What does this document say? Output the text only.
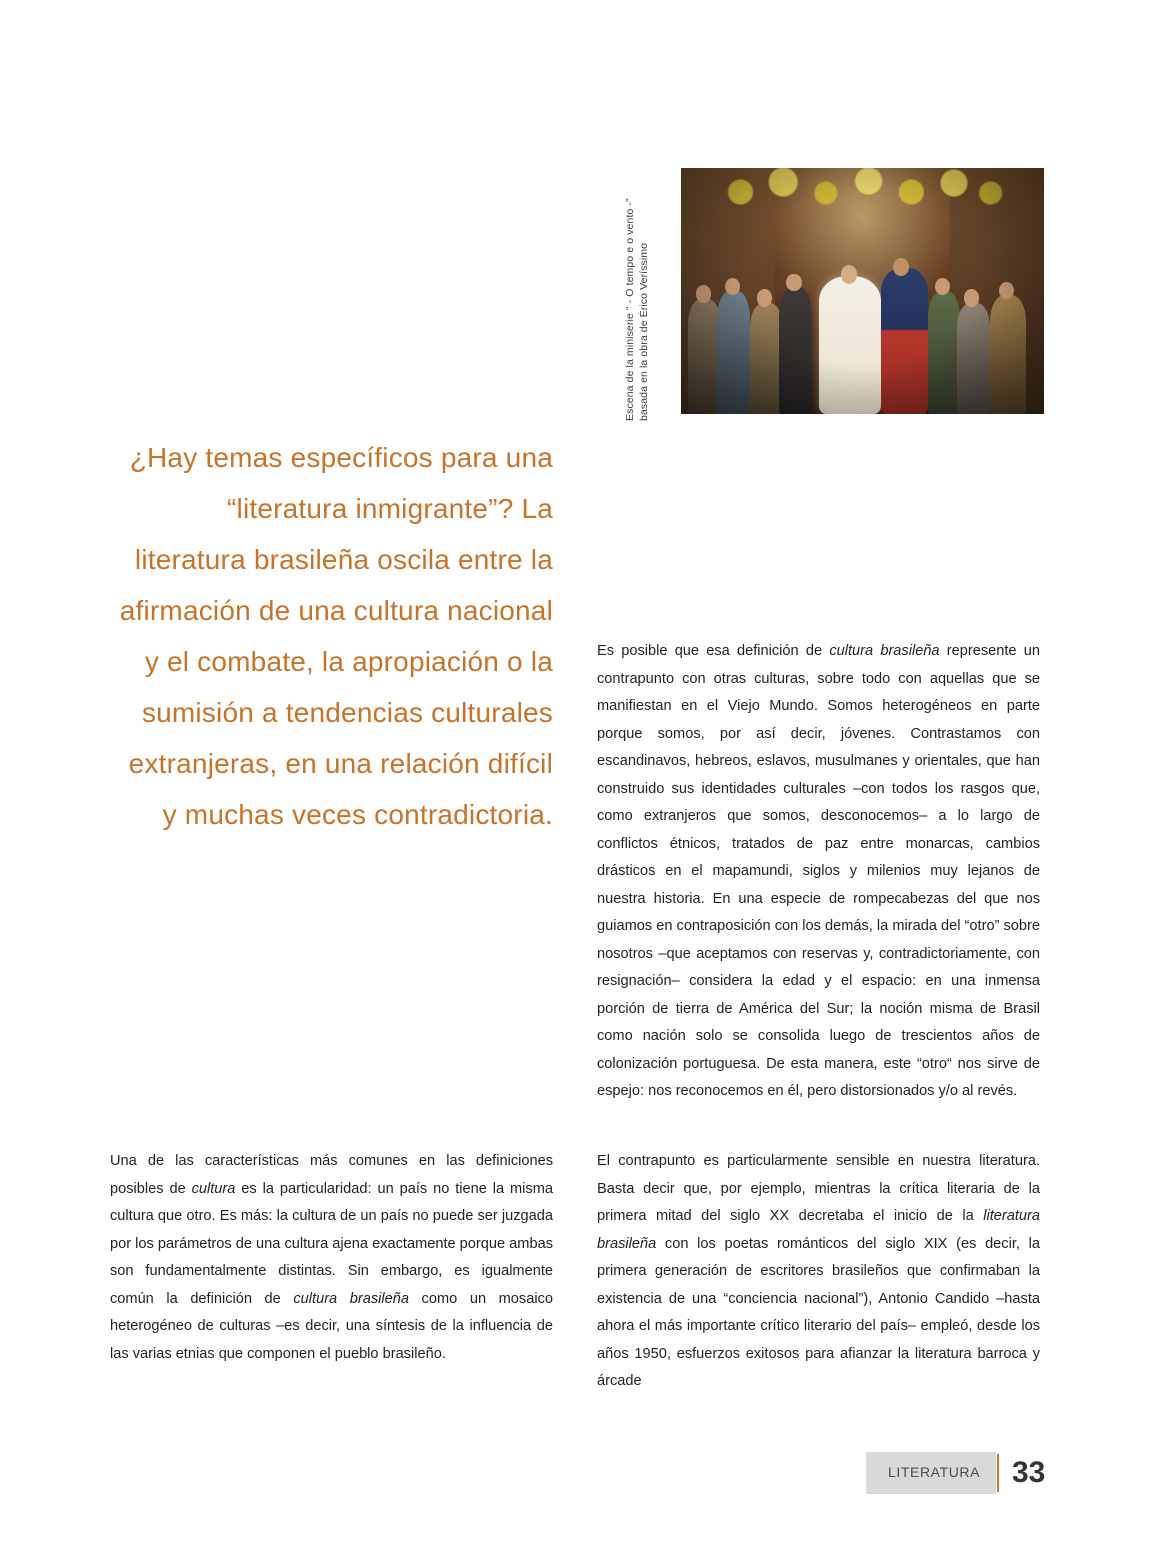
Escena de la miniserie " - O tempo e o vento -" basada en la obra de Érico Veríssimo
¿Hay temas específicos para una “literatura inmigrante”? La literatura brasileña oscila entre la afirmación de una cultura nacional y el combate, la apropiación o la sumisión a tendencias culturales extranjeras, en una relación difícil y muchas veces contradictoria.

Es posible que esa definición de cultura brasileña represente un contrapunto con otras culturas, sobre todo con aquellas que se manifiestan en el Viejo Mundo. Somos heterogéneos en parte porque somos, por así decir, jóvenes. Contrastamos con escandinavos, hebreos, eslavos, musulmanes y orientales, que han construido sus identidades culturales –con todos los rasgos que, como extranjeros que somos, desconocemos– a lo largo de conflictos étnicos, tratados de paz entre monarcas, cambios drásticos en el mapamundi, siglos y milenios muy lejanos de nuestra historia. En una especie de rompecabezas del que nos guiamos en contraposición con los demás, la mirada del “otro” sobre nosotros –que aceptamos con reservas y, contradictoriamente, con resignación– considera la edad y el espacio: en una inmensa porción de tierra de América del Sur; la noción misma de Brasil como nación solo se consolida luego de trescientos años de colonización portuguesa. De esta manera, este “otro“ nos sirve de espejo: nos reconocemos en él, pero distorsionados y/o al revés.

Una de las características más comunes en las definiciones posibles de cultura es la particularidad: un país no tiene la misma cultura que otro. Es más: la cultura de un país no puede ser juzgada por los parámetros de una cultura ajena exactamente porque ambas son fundamentalmente distintas. Sin embargo, es igualmente común la definición de cultura brasileña como un mosaico heterogéneo de culturas –es decir, una síntesis de la influencia de las varias etnias que componen el pueblo brasileño.

El contrapunto es particularmente sensible en nuestra literatura. Basta decir que, por ejemplo, mientras la crítica literaria de la primera mitad del siglo XX decretaba el inicio de la literatura brasileña con los poetas románticos del siglo XIX (es decir, la primera generación de escritores brasileños que confirmaban la existencia de una “conciencia nacional”), Antonio Candido –hasta ahora el más importante crítico literario del país– empleó, desde los años 1950, esfuerzos exitosos para afianzar la literatura barroca y árcade

LITERATURA 33
